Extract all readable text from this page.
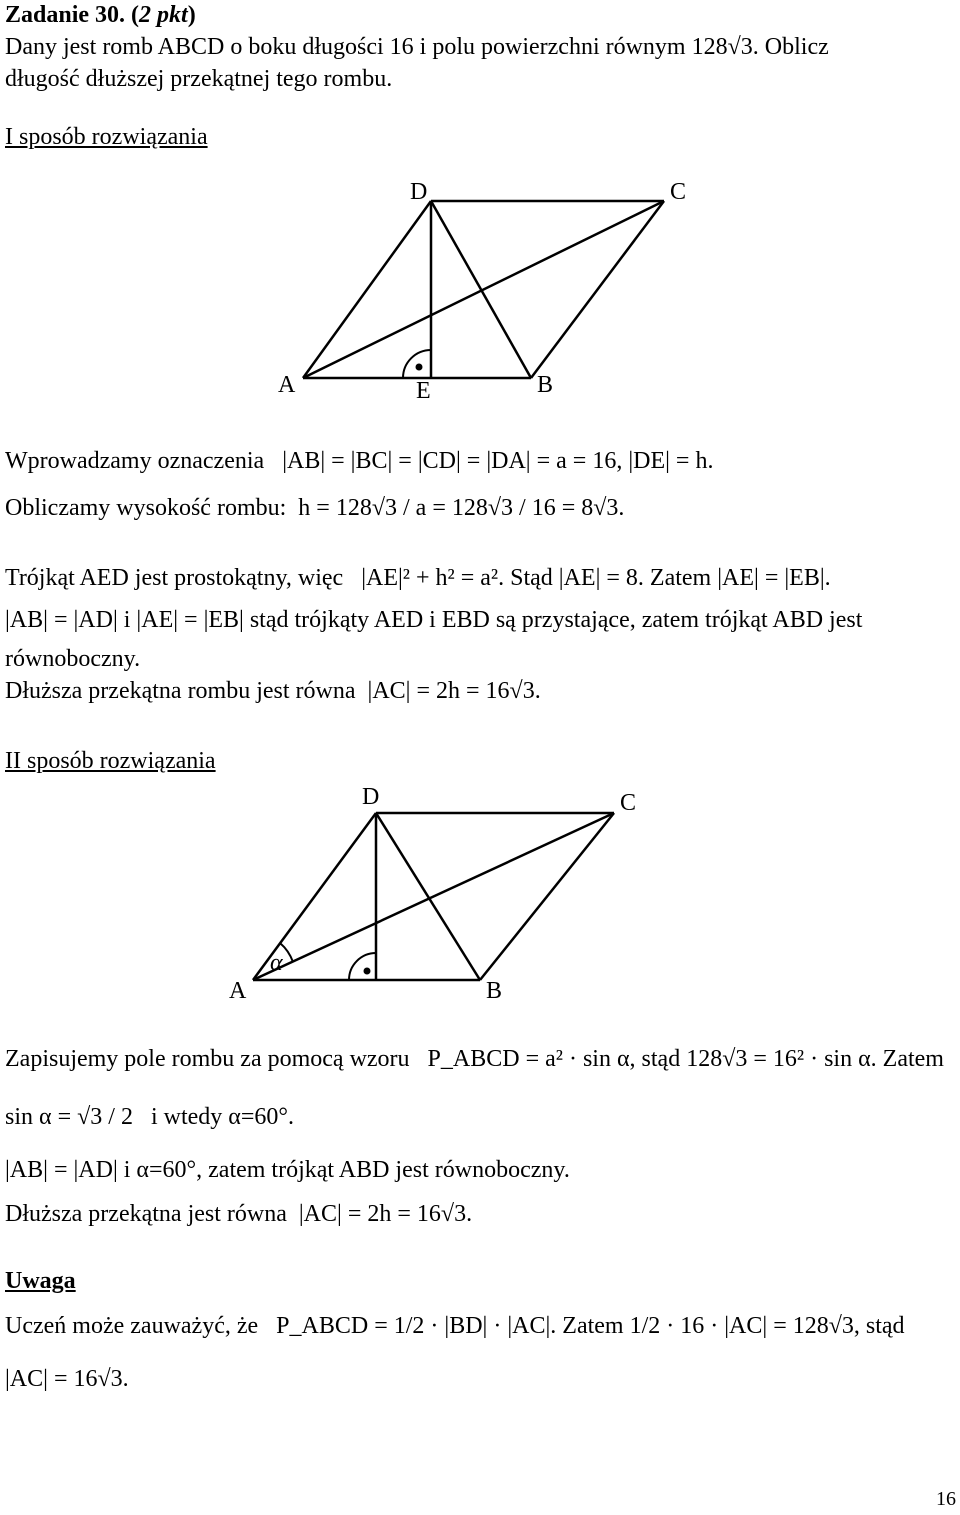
Zadanie 30. (2 pkt)
Dany jest romb ABCD o boku długości 16 i polu powierzchni równym 128√3. Oblicz
długość dłuższej przekątnej tego rombu.
I sposób rozwiązania
D	C
A	E	B
Wprowadzamy oznaczenia |AB| = |BC| = |CD| = |DA| = a = 16, |DE| = h.
Obliczamy wysokość rombu: h = 128√3 / a = 128√3 / 16 = 8√3.
Trójkąt AED jest prostokątny, więc |AE|² + h² = a². Stąd |AE| = 8. Zatem |AE| = |EB|.
|AB| = |AD| i |AE| = |EB| stąd trójkąty AED i EBD są przystające, zatem trójkąt ABD jest
równoboczny.
Dłuższa przekątna rombu jest równa |AC| = 2h = 16√3.
II sposób rozwiązania
D	C
A	B
α
Zapisujemy pole rombu za pomocą wzoru P_ABCD = a² · sin α, stąd 128√3 = 16² · sin α. Zatem
sin α = √3 / 2 i wtedy α=60°.
|AB| = |AD| i α=60°, zatem trójkąt ABD jest równoboczny.
Dłuższa przekątna jest równa |AC| = 2h = 16√3.
Uwaga
Uczeń może zauważyć, że P_ABCD = 1/2 · |BD| · |AC|. Zatem 1/2 · 16 · |AC| = 128√3, stąd
|AC| = 16√3.
16
